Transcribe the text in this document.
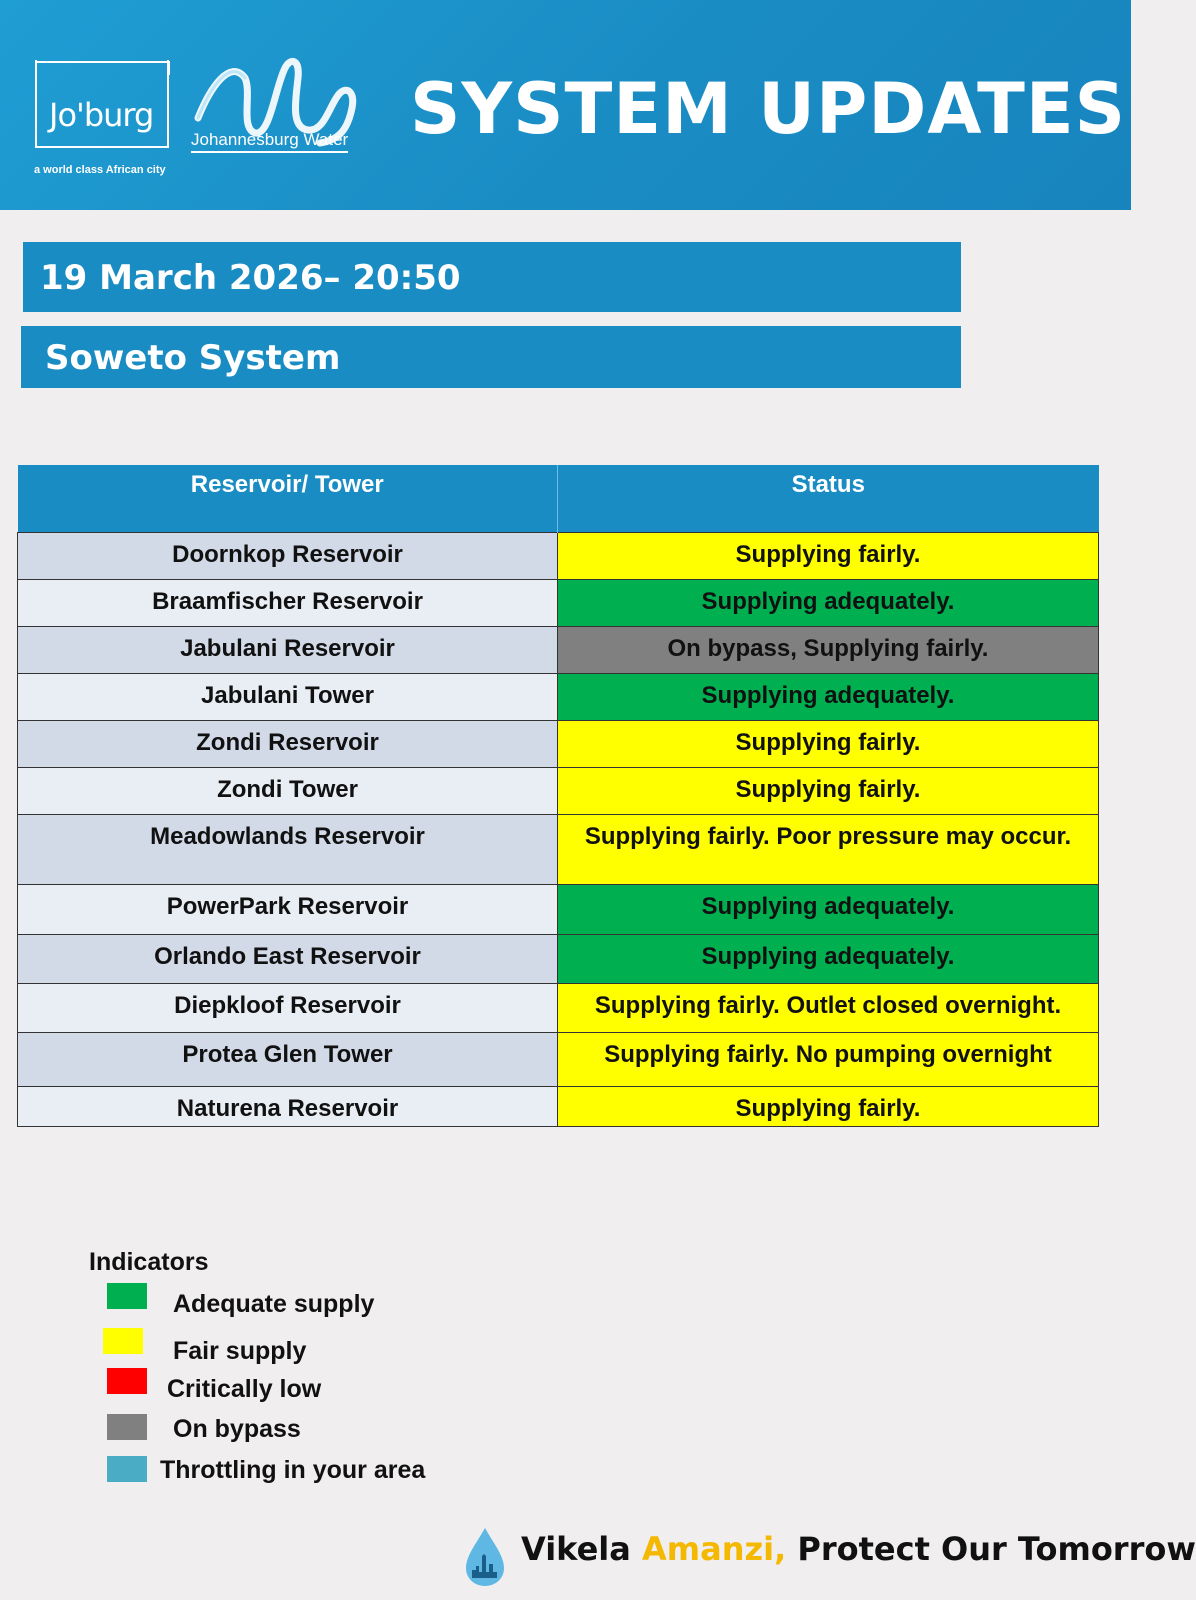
Jo'burg
a world class African city
Johannesburg Water SYSTEM UPDATES
19 March 2026– 20:50
Soweto System
Reservoir/ Tower	Status
Doornkop Reservoir	Supplying fairly.
Braamfischer Reservoir	Supplying adequately.
Jabulani Reservoir	On bypass, Supplying fairly.
Jabulani Tower	Supplying adequately.
Zondi Reservoir	Supplying fairly.
Zondi Tower	Supplying fairly.
Meadowlands Reservoir	Supplying fairly. Poor pressure may occur.
PowerPark Reservoir	Supplying adequately.
Orlando East Reservoir	Supplying adequately.
Diepkloof Reservoir	Supplying fairly. Outlet closed overnight.
Protea Glen Tower	Supplying fairly. No pumping overnight
Naturena Reservoir	Supplying fairly.
Indicators
Adequate supply
Fair supply
Critically low
On bypass
Throttling in your area
Vikela Amanzi, Protect Our Tomorrow
